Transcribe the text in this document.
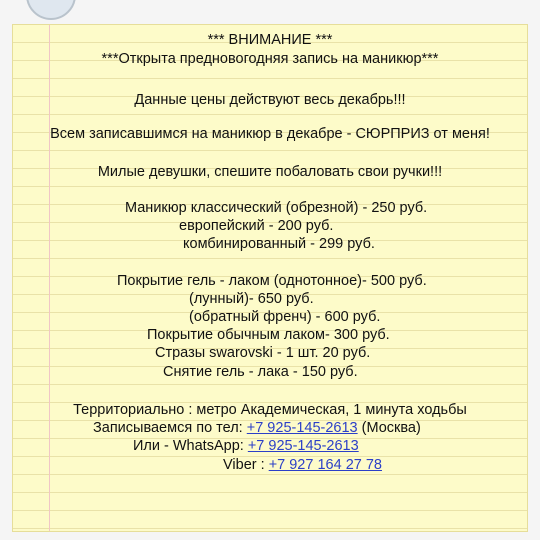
*** ВНИМАНИЕ ***
***Открыта предновогодняя запись на маникюр***
Данные цены действуют весь декабрь!!!
Всем записавшимся на маникюр в декабре - СЮРПРИЗ от меня!
Милые девушки, спешите побаловать свои ручки!!!
Маникюр классический (обрезной) - 250 руб.
европейский - 200 руб.
комбинированный - 299 руб.
Покрытие гель - лаком (однотонное)- 500 руб.
(лунный)- 650 руб.
(обратный френч) - 600 руб.
Покрытие обычным лаком- 300 руб.
Стразы swarovski - 1 шт. 20 руб.
Снятие гель - лака - 150 руб.
Территориально : метро Академическая, 1 минута ходьбы
Записываемся по тел: +7 925-145-2613 (Москва)
Или - WhatsApp: +7 925-145-2613
Viber : +7 927 164 27 78
